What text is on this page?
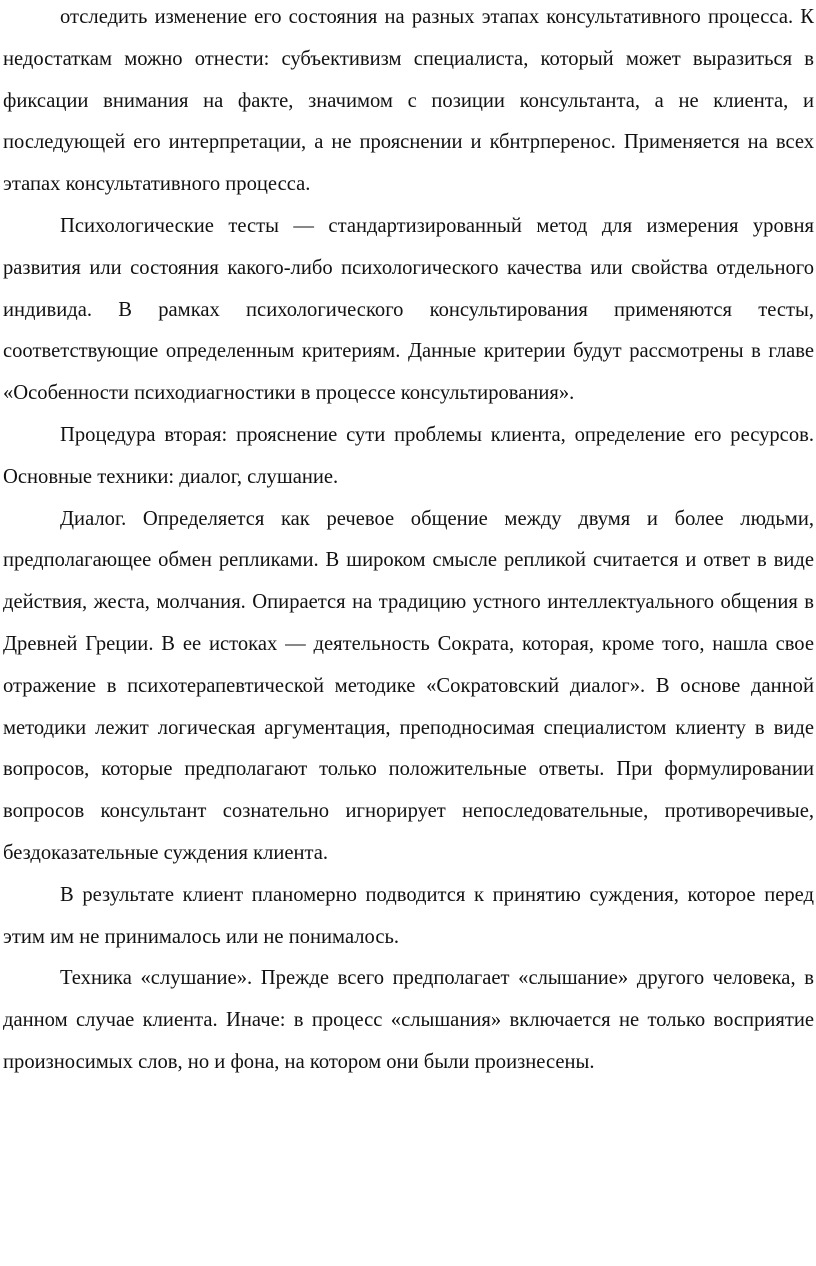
отследить изменение его состояния на разных этапах консультативного процесса. К недостаткам можно отнести: субъективизм специалиста, который может выразиться в фиксации внимания на факте, значимом с позиции консультанта, а не клиента, и последующей его интерпретации, а не прояснении и кбнтрперенос. Применяется на всех этапах консультативного процесса.

Психологические тесты — стандартизированный метод для измерения уровня развития или состояния какого-либо психологического качества или свойства отдельного индивида. В рамках психологического консультирования применяются тесты, соответствующие определенным критериям. Данные критерии будут рассмотрены в главе «Особенности психодиагностики в процессе консультирования».

Процедура вторая: прояснение сути проблемы клиента, определение его ресурсов. Основные техники: диалог, слушание.

Диалог. Определяется как речевое общение между двумя и более людьми, предполагающее обмен репликами. В широком смысле репликой считается и ответ в виде действия, жеста, молчания. Опирается на традицию устного интеллектуального общения в Древней Греции. В ее истоках — деятельность Сократа, которая, кроме того, нашла свое отражение в психотерапевтической методике «Сократовский диалог». В основе данной методики лежит логическая аргументация, преподносимая специалистом клиенту в виде вопросов, которые предполагают только положительные ответы. При формулировании вопросов консультант сознательно игнорирует непоследовательные, противоречивые, бездоказательные суждения клиента.

В результате клиент планомерно подводится к принятию суждения, которое перед этим им не принималось или не понималось.

Техника «слушание». Прежде всего предполагает «слышание» другого человека, в данном случае клиента. Иначе: в процесс «слышания» включается не только восприятие произносимых слов, но и фона, на котором они были произнесены.
